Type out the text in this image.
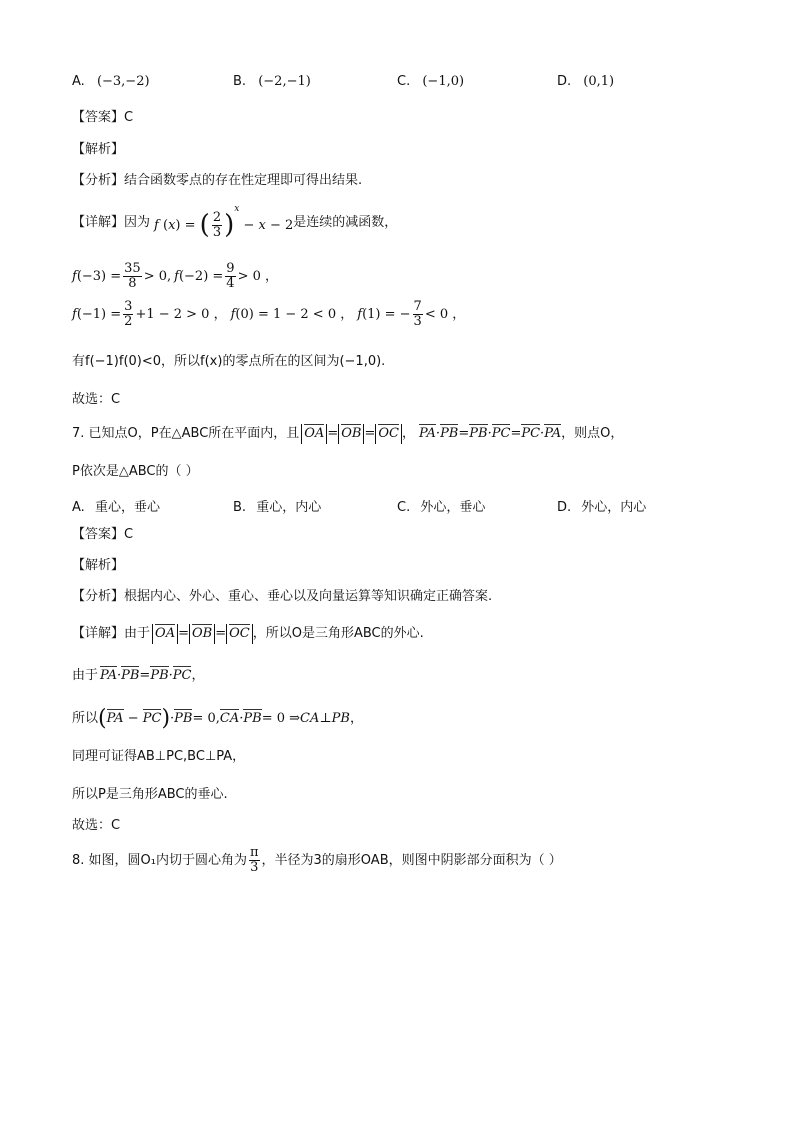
A. (−3,−2)	B. (−2,−1)	C. (−1,0)	D. (0,1)
【答案】C
【解析】
【分析】结合函数零点的存在性定理即可得出结果.
【详解】 因为 f (x) = ( $\frac{2}{3} )^x - x - 2$ 是连续的减函数，
f $(-3) = \frac{35}{8} > 0$, f $(-2) = \frac{9}{4} > 0$ ，
f $(-1) = \frac{3}{2} +1 - 2 > 0$ ， f (0) = 1 − 2 < 0 ， f (1) = − $\frac{7}{3} < 0$ ，
有f(−1)f(0)<0，所以f(x)的零点所在的区间为(−1,0).
故选：C
7. 已知点O，P在△ABC所在平面内，且 OA = OB = OC ， PA·PB = PB·PC = PC·PA ，则点O，
P依次是△ABC的（ ）
A. 重心，垂心	B. 重心，内心	C. 外心，垂心	D. 外心，内心
【答案】C
【解析】
【分析】根据内心、外心、重心、垂心以及向量运算等知识确定正确答案.
【详解】 由于 OA = OB = OC ，所以O是三角形ABC的外心.
由于 PA·PB = PB·PC ，
所以 ( PA − PC ) ·PB = 0, CA·PB = 0 ⇒ CA ⊥ PB ，
同理可证得AB⊥PC,BC⊥PA，
所以P是三角形ABC的垂心.
故选：C
8. 如图，圆O₁内切于圆心角为 $\frac{\pi}{3}$ ，半径为3的扇形OAB，则图中阴影部分面积为（ ）
